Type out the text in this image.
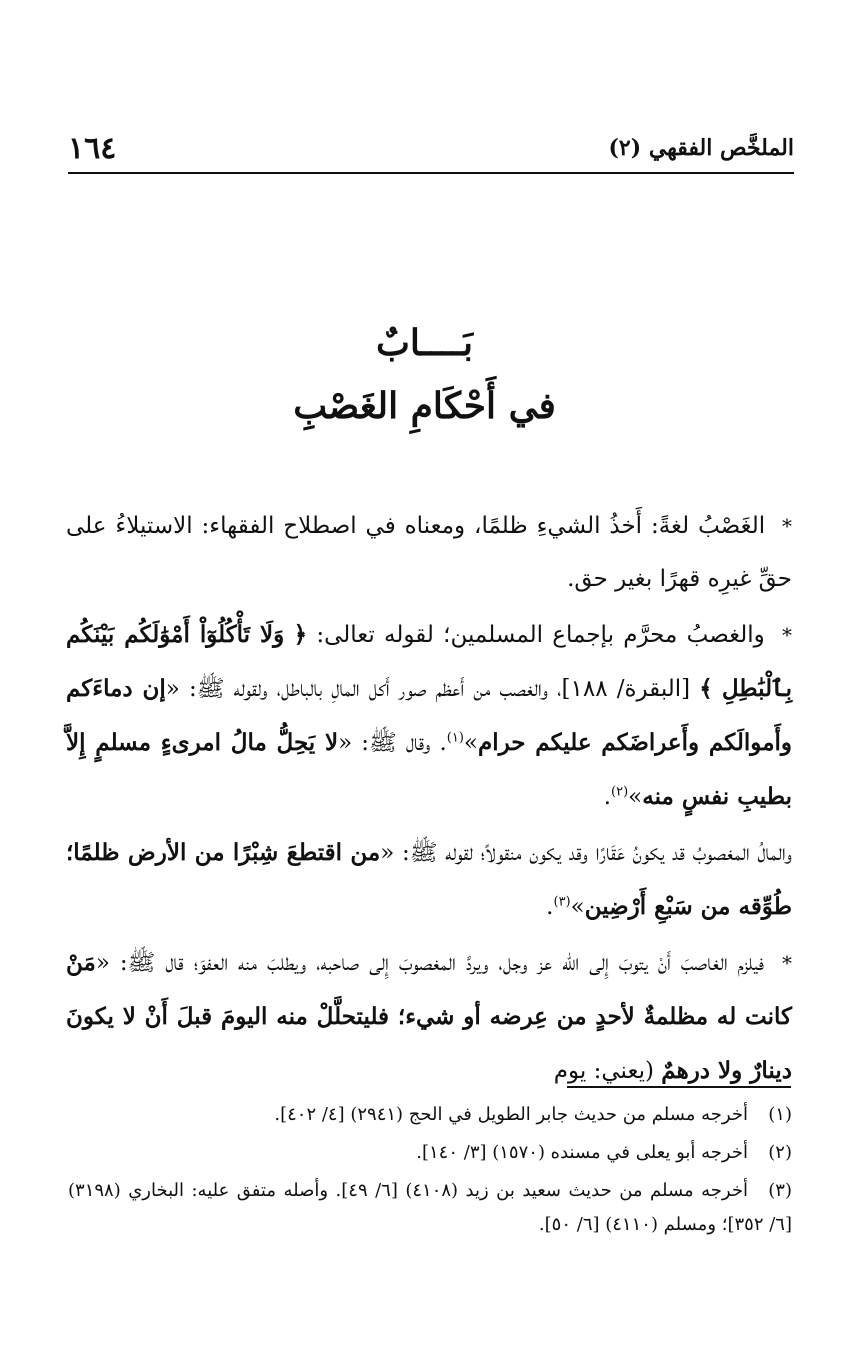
١٦٤	الملخَّص الفقهي (٢)
بَــــابٌ
في أَحْكَامِ الغَصْبِ

* الغَصْبُ لغةً: أَخذُ الشيءِ ظلمًا، ومعناه في اصطلاح الفقهاء: الاستيلاءُ على حقِّ غيرِه قهرًا بغير حق.

* والغصبُ محرَّم بإجماع المسلمين؛ لقوله تعالى: ﴿ وَلَا تَأْكُلُوٓاْ أَمْوَٰلَكُم بَيْنَكُم بِٱلْبَٰطِلِ ﴾ [البقرة/ ١٨٨]، والغصب من أَعظم صور أَكل المالِ بالباطل، ولقوله ﷺ: «إن دماءَكم وأَموالَكم وأَعراضَكم عليكم حرام»$^{(١)}$. وقال ﷺ: «لا يَحِلُّ مالُ امرىءٍ مسلمٍ إِلاَّ بطيبِ نفسٍ منه»$^{(٢)}$.

والمالُ المغصوبُ قد يكونُ عَقَارًا وقد يكون منقولاً؛ لقوله ﷺ: «من اقتطعَ شِبْرًا من الأرض ظلمًا؛ طُوِّقه من سَبْعِ أَرْضِين»$^{(٣)}$.

* فيلزم الغاصبَ أَنْ يتوبَ إِلى اللّه عز وجل، ويردَّ المغصوبَ إِلى صاحبه، ويطلبَ منه العفوَ؛ قال ﷺ: «مَنْ كانت له مظلمةٌ لأحدٍ من عِرضه أو شيء؛ فليتحلَّلْ منه اليومَ قبلَ أَنْ لا يكونَ دينارٌ ولا درهمٌ (يعني: يوم

(١)أخرجه مسلم من حديث جابر الطويل في الحج (٢٩٤١) [٤/ ٤٠٢].

(٢)أخرجه أبو يعلى في مسنده (١٥٧٠) [٣/ ١٤٠].

(٣)أخرجه مسلم من حديث سعيد بن زيد (٤١٠٨) [٦/ ٤٩]. وأصله متفق عليه: البخاري (٣١٩٨) [٦/ ٣٥٢]؛ ومسلم (٤١١٠) [٦/ ٥٠].
